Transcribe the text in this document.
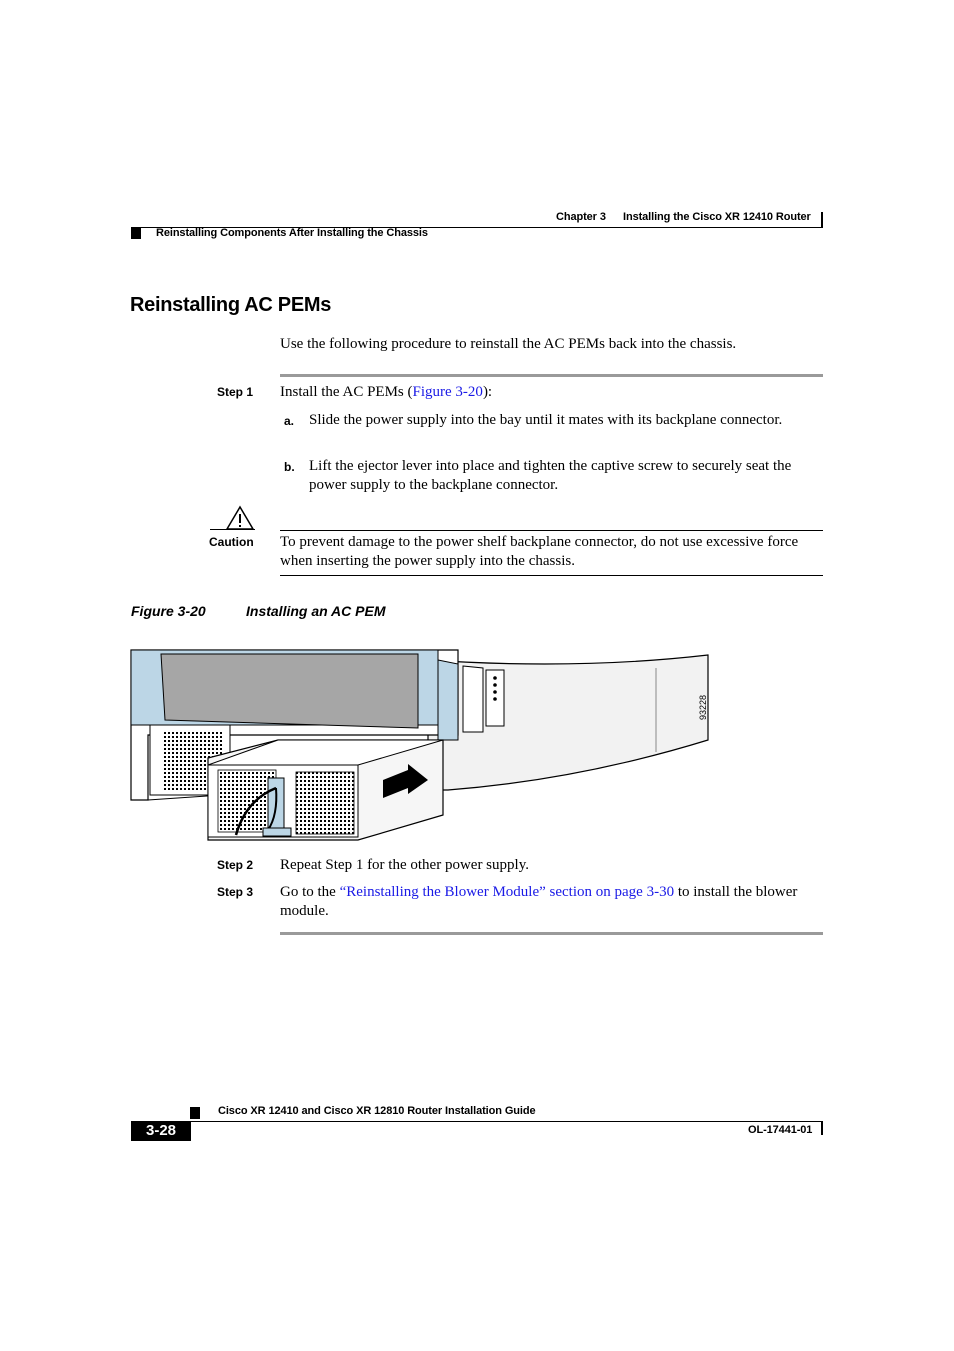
Chapter 3 Installing the Cisco XR 12410 Router
Reinstalling Components After Installing the Chassis
Reinstalling AC PEMs
Use the following procedure to reinstall the AC PEMs back into the chassis.
Step 1 Install the AC PEMs (Figure 3-20):
a. Slide the power supply into the bay until it mates with its backplane connector.
b. Lift the ejector lever into place and tighten the captive screw to securely seat the power supply to the backplane connector.
Caution To prevent damage to the power shelf backplane connector, do not use excessive force when inserting the power supply into the chassis.
Figure 3-20	Installing an AC PEM
93228
Step 2 Repeat Step 1 for the other power supply.
Step 3 Go to the “Reinstalling the Blower Module” section on page 3-30 to install the blower module.
Cisco XR 12410 and Cisco XR 12810 Router Installation Guide
3-28	OL-17441-01
